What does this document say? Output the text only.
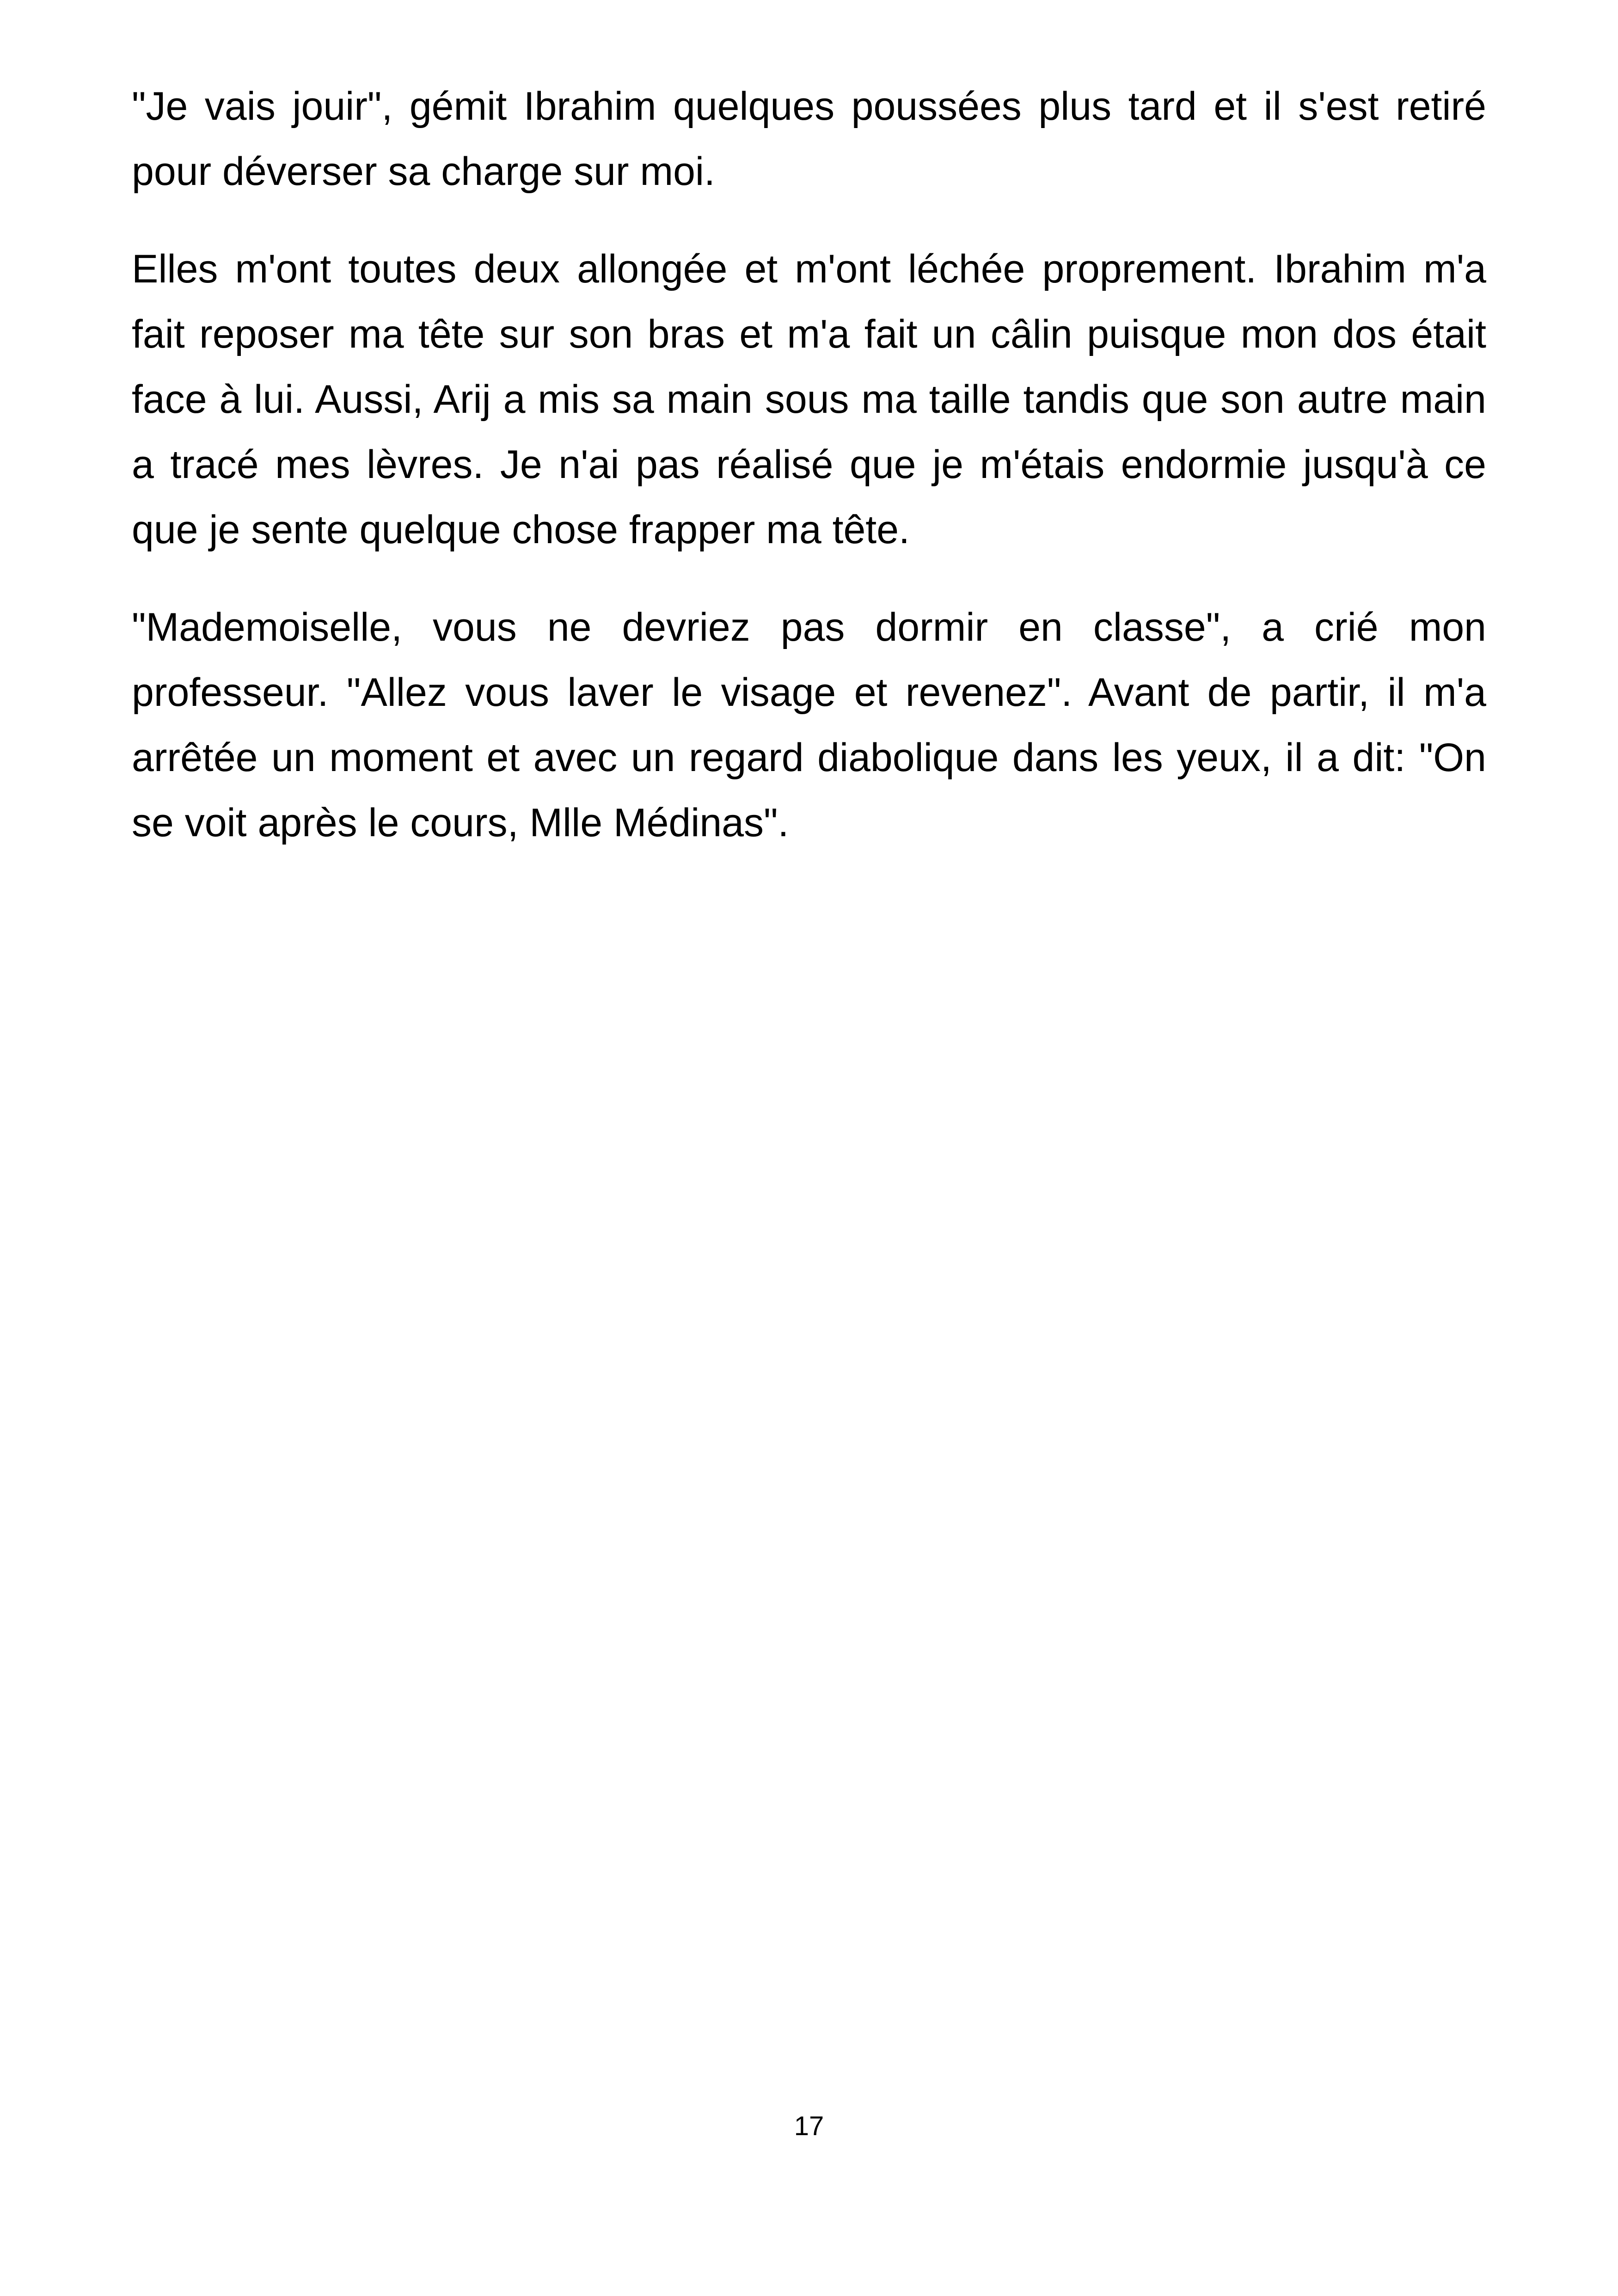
"Je vais jouir", gémit Ibrahim quelques poussées plus tard et il s'est retiré pour déverser sa charge sur moi.

Elles m'ont toutes deux allongée et m'ont léchée proprement. Ibrahim m'a fait reposer ma tête sur son bras et m'a fait un câlin puisque mon dos était face à lui. Aussi, Arij a mis sa main sous ma taille tandis que son autre main a tracé mes lèvres. Je n'ai pas réalisé que je m'étais endormie jusqu'à ce que je sente quelque chose frapper ma tête.

"Mademoiselle, vous ne devriez pas dormir en classe", a crié mon professeur. "Allez vous laver le visage et revenez". Avant de partir, il m'a arrêtée un moment et avec un regard diabolique dans les yeux, il a dit: "On se voit après le cours, Mlle Médinas".

17
